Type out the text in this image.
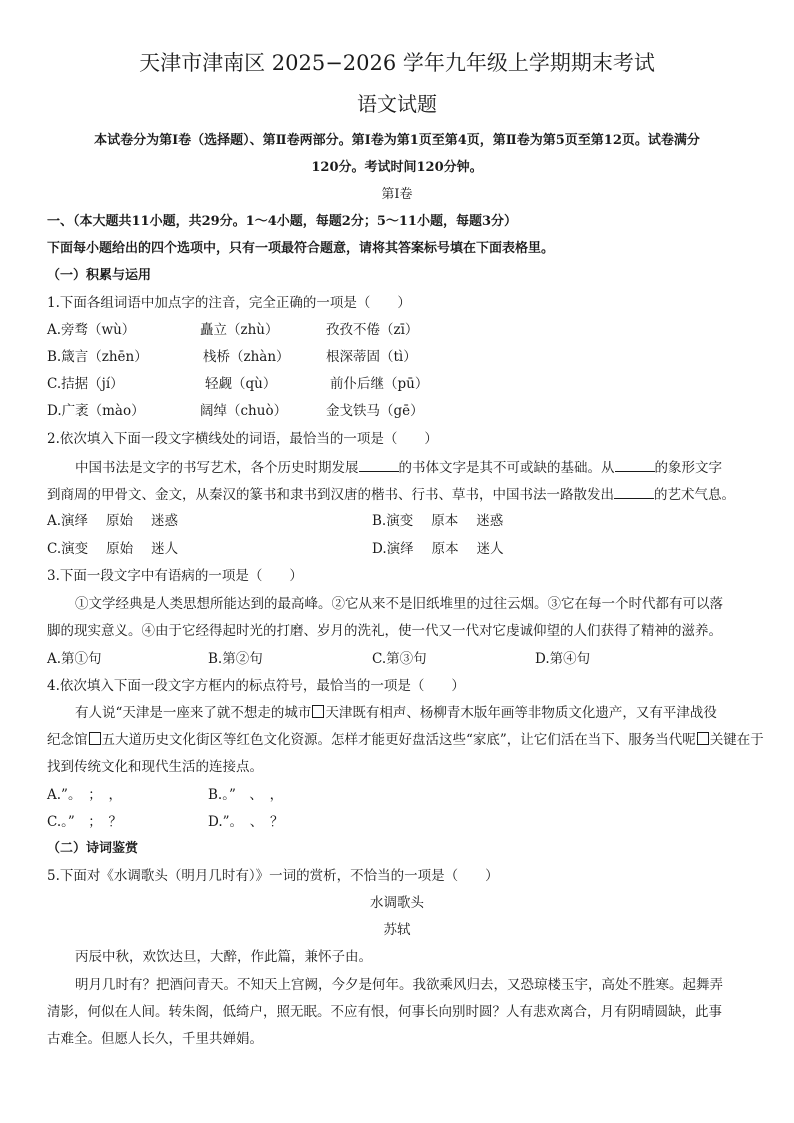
天津市津南区 2025−2026 学年九年级上学期期末考试
语文试题
本试卷分为第Ⅰ卷（选择题）、第Ⅱ卷两部分。第Ⅰ卷为第1页至第4页，第Ⅱ卷为第5页至第12页。试卷满分
120分。考试时间120分钟。
第Ⅰ卷
一、（本大题共11小题，共29分。1～4小题，每题2分；5～11小题，每题3分）
下面每小题给出的四个选项中，只有一项最符合题意，请将其答案标号填在下面表格里。
（一）积累与运用
1.下面各组词语中加点字的注音，完全正确的一项是（　　）
A.旁骛（wù）	矗立（zhù）	孜孜不倦（zī）
B.箴言（zhēn）	栈桥（zhàn）	根深蒂固（tì）
C.拮据（jí）	轻觑（qù）	前仆后继（pū）
D.广袤（mào）	阔绰（chuò）	金戈铁马（gē）
2.依次填入下面一段文字横线处的词语，最恰当的一项是（　　）
中国书法是文字的书写艺术，各个历史时期发展	的书体文字是其不可或缺的基础。从	的象形文字
到商周的甲骨文、金文，从秦汉的篆书和隶书到汉唐的楷书、行书、草书，中国书法一路散发出	的艺术气息。
A.演绎 原始 迷惑	B.演变 原本 迷惑
C.演变 原始 迷人	D.演绎 原本 迷人
3.下面一段文字中有语病的一项是（　　）
①文学经典是人类思想所能达到的最高峰。②它从来不是旧纸堆里的过往云烟。③它在每一个时代都有可以落
脚的现实意义。④由于它经得起时光的打磨、岁月的洗礼，使一代又一代对它虔诚仰望的人们获得了精神的滋养。
A.第①句	B.第②句	C.第③句	D.第④句
4.依次填入下面一段文字方框内的标点符号，最恰当的一项是（　　）
有人说“天津是一座来了就不想走的城市 天津既有相声、杨柳青木版年画等非物质文化遗产，又有平津战役
纪念馆 五大道历史文化街区等红色文化资源。怎样才能更好盘活这些“家底”，让它们活在当下、服务当代呢 关键在于
找到传统文化和现代生活的连接点。
A.”。　；　，	B.。”　、　，
C.。”　；　？	D.”。　、　？
（二）诗词鉴赏
5.下面对《水调歌头（明月几时有）》一词的赏析，不恰当的一项是（　　）
水调歌头
苏轼
丙辰中秋，欢饮达旦，大醉，作此篇，兼怀子由。
明月几时有？把酒问青天。不知天上宫阙，今夕是何年。我欲乘风归去，又恐琼楼玉宇，高处不胜寒。起舞弄
清影，何似在人间。转朱阁，低绮户，照无眠。不应有恨，何事长向别时圆？人有悲欢离合，月有阴晴圆缺，此事
古难全。但愿人长久，千里共婵娟。
